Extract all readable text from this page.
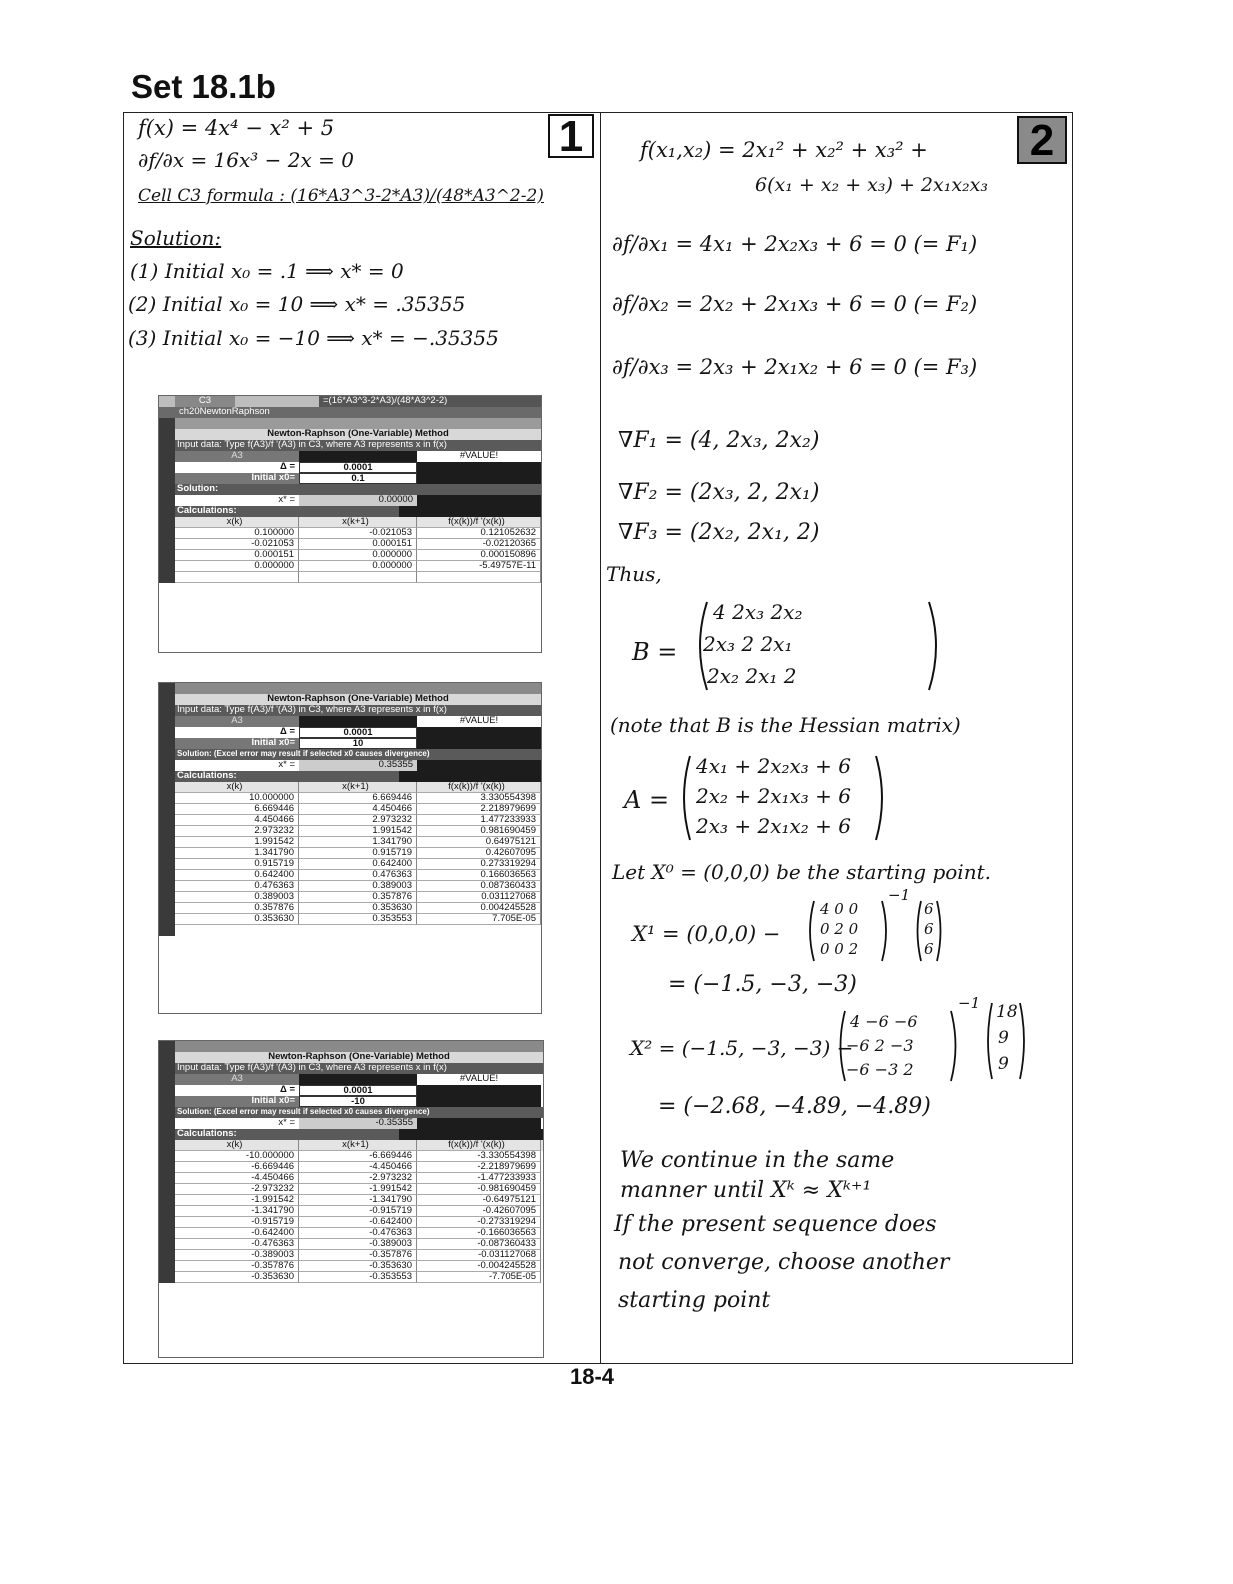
Set 18.1b
1	2
18-4
f(x) = 4x⁴ − x² + 5
∂f/∂x = 16x³ − 2x = 0
Cell C3 formula : (16*A3^3-2*A3)/(48*A3^2-2)
Solution:
(1) Initial x₀ = .1 ⟹ x* = 0
(2) Initial x₀ = 10 ⟹ x* = .35355
(3) Initial x₀ = −10 ⟹ x* = −.35355
C3	=(16*A3^3-2*A3)/(48*A3^2-2)
ch20NewtonRaphson
Newton-Raphson (One-Variable) Method
Input data: Type f(A3)/f '(A3) in C3, where A3 represents x in f(x)
A3	#VALUE!
Δ =	0.0001
Initial x0=	0.1
Solution:
x* =	0.00000
Calculations:
x(k)	x(k+1)	f(x(k))/f '(x(k))
0.100000	-0.021053	0.121052632
-0.021053	0.000151	-0.02120365
0.000151	0.000000	0.000150896
0.000000	0.000000	-5.49757E-11
Newton-Raphson (One-Variable) Method
Input data: Type f(A3)/f '(A3) in C3, where A3 represents x in f(x)
A3	#VALUE!
Δ =	0.0001
Initial x0=	10
Solution: (Excel error may result if selected x0 causes divergence)
x* =	0.35355
Calculations:
x(k)	x(k+1)	f(x(k))/f '(x(k))
10.000000	6.669446	3.330554398
6.669446	4.450466	2.218979699
4.450466	2.973232	1.477233933
2.973232	1.991542	0.981690459
1.991542	1.341790	0.64975121
1.341790	0.915719	0.42607095
0.915719	0.642400	0.273319294
0.642400	0.476363	0.166036563
0.476363	0.389003	0.087360433
0.389003	0.357876	0.031127068
0.357876	0.353630	0.004245528
0.353630	0.353553	7.705E-05
Newton-Raphson (One-Variable) Method
Input data: Type f(A3)/f '(A3) in C3, where A3 represents x in f(x)
A3	#VALUE!
Δ =	0.0001
Initial x0=	-10
Solution: (Excel error may result if selected x0 causes divergence)
x* =	-0.35355
Calculations:
x(k)	x(k+1)	f(x(k))/f '(x(k))
-10.000000	-6.669446	-3.330554398
-6.669446	-4.450466	-2.218979699
-4.450466	-2.973232	-1.477233933
-2.973232	-1.991542	-0.981690459
-1.991542	-1.341790	-0.64975121
-1.341790	-0.915719	-0.42607095
-0.915719	-0.642400	-0.273319294
-0.642400	-0.476363	-0.166036563
-0.476363	-0.389003	-0.087360433
-0.389003	-0.357876	-0.031127068
-0.357876	-0.353630	-0.004245528
-0.353630	-0.353553	-7.705E-05
f(x₁,x₂) = 2x₁² + x₂² + x₃² +
6(x₁ + x₂ + x₃) + 2x₁x₂x₃
∂f/∂x₁ = 4x₁ + 2x₂x₃ + 6 = 0 (= F₁)
∂f/∂x₂ = 2x₂ + 2x₁x₃ + 6 = 0 (= F₂)
∂f/∂x₃ = 2x₃ + 2x₁x₂ + 6 = 0 (= F₃)
∇F₁ = (4, 2x₃, 2x₂)
∇F₂ = (2x₃, 2, 2x₁)
∇F₃ = (2x₂, 2x₁, 2)
Thus,
B =
4 2x₃ 2x₂
2x₃ 2 2x₁
2x₂ 2x₁ 2
(note that B is the Hessian matrix)
A =
4x₁ + 2x₂x₃ + 6
2x₂ + 2x₁x₃ + 6
2x₃ + 2x₁x₂ + 6
Let X⁰ = (0,0,0) be the starting point.
X¹ = (0,0,0) −
4 0 0
0 2 0
0 0 2
−1
6
6
6
= (−1.5, −3, −3)
X² = (−1.5, −3, −3) −
4 −6 −6
−6 2 −3
−6 −3 2
−1 18
9
9
= (−2.68, −4.89, −4.89)
We continue in the same
manner until Xᵏ ≈ Xᵏ⁺¹
If the present sequence does
not converge, choose another
starting point
